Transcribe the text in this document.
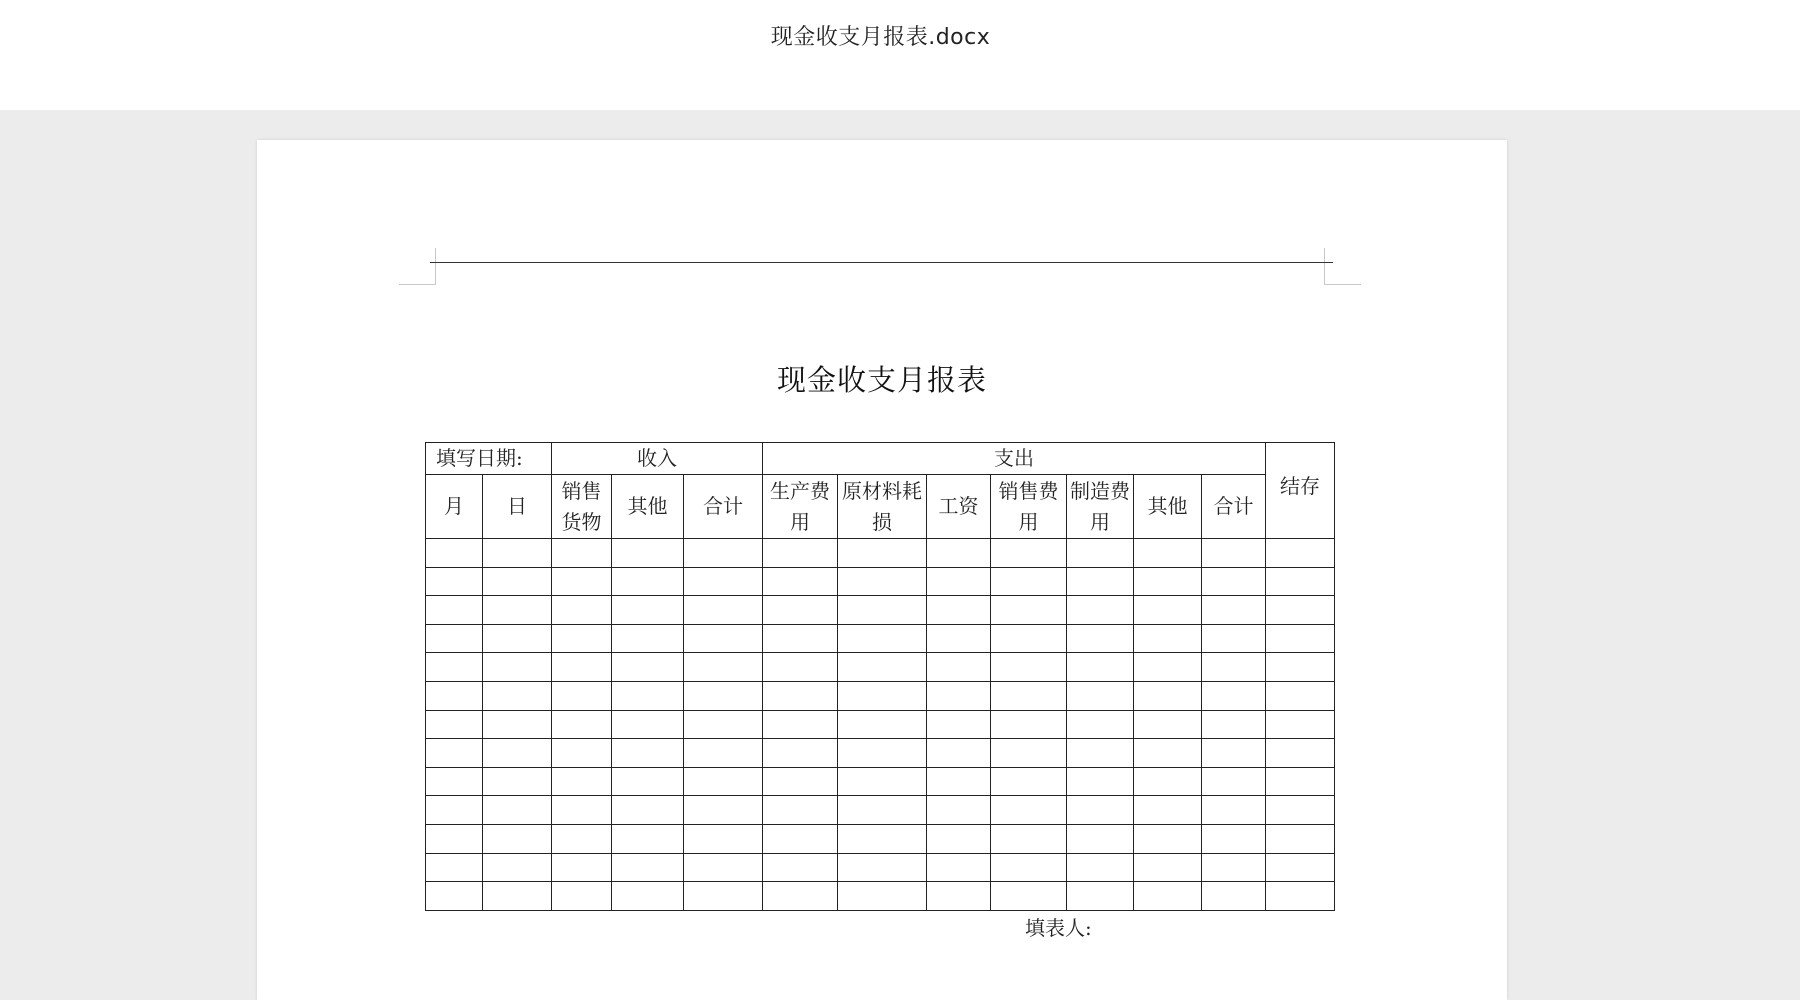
现金收支月报表.docx
现金收支月报表
填写日期:		收入			支出							结存
月	日	销售货物	其他	合计	生产费用	原材料耗损	工资	销售费用	制造费用	其他	合计	

填表人:
